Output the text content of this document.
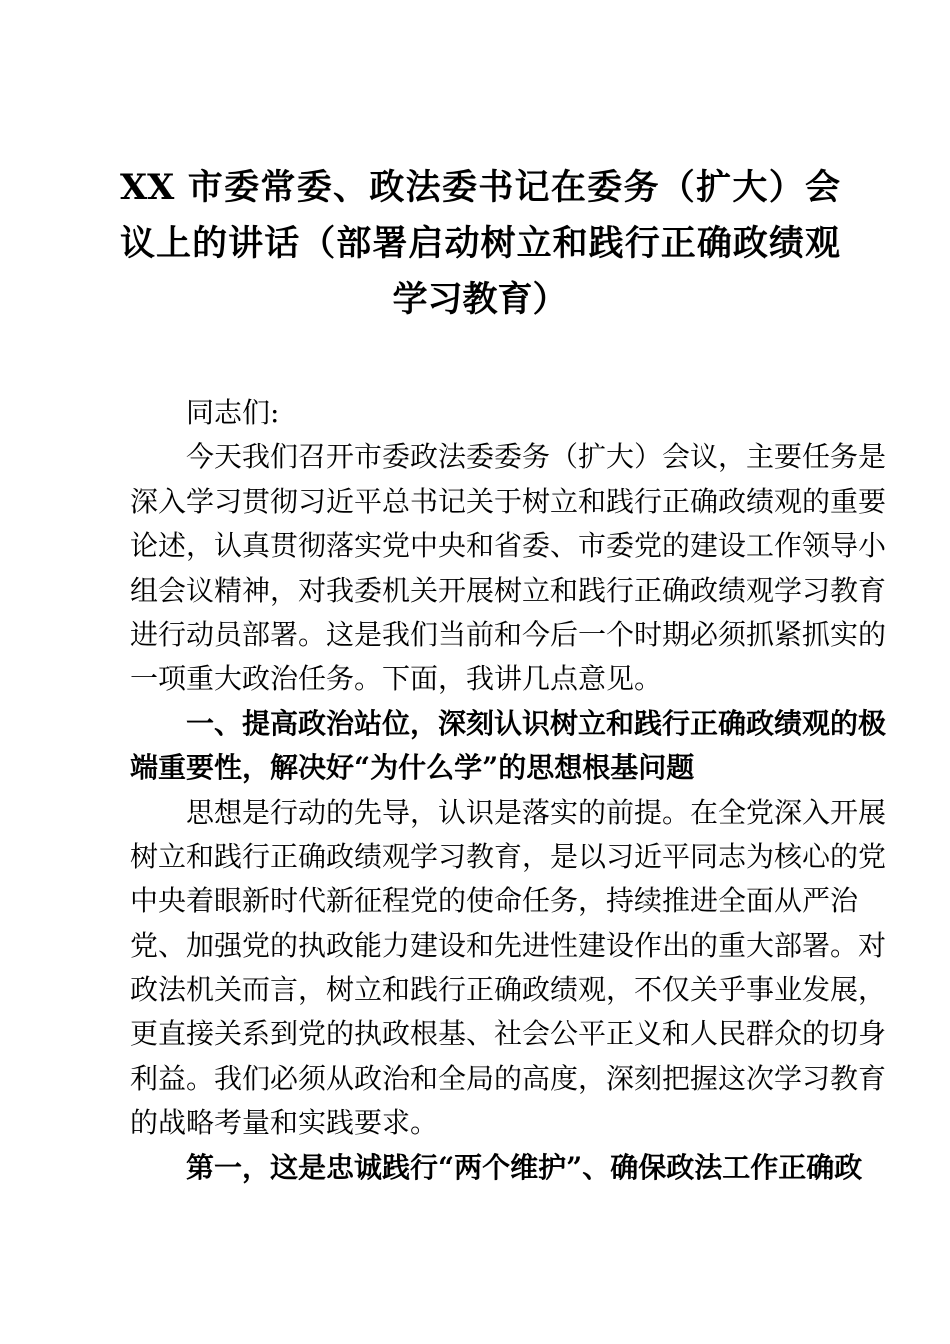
XX 市委常委、政法委书记在委务（扩大）会
议上的讲话（部署启动树立和践行正确政绩观
学习教育）
同志们:
今天我们召开市委政法委委务（扩大）会议，主要任务是
深入学习贯彻习近平总书记关于树立和践行正确政绩观的重要
论述，认真贯彻落实党中央和省委、市委党的建设工作领导小
组会议精神，对我委机关开展树立和践行正确政绩观学习教育
进行动员部署。这是我们当前和今后一个时期必须抓紧抓实的
一项重大政治任务。下面，我讲几点意见。
一、提高政治站位，深刻认识树立和践行正确政绩观的极
端重要性，解决好“为什么学”的思想根基问题
思想是行动的先导，认识是落实的前提。在全党深入开展
树立和践行正确政绩观学习教育，是以习近平同志为核心的党
中央着眼新时代新征程党的使命任务，持续推进全面从严治
党、加强党的执政能力建设和先进性建设作出的重大部署。对
政法机关而言，树立和践行正确政绩观，不仅关乎事业发展，
更直接关系到党的执政根基、社会公平正义和人民群众的切身
利益。我们必须从政治和全局的高度，深刻把握这次学习教育
的战略考量和实践要求。
第一，这是忠诚践行“两个维护”、确保政法工作正确政
